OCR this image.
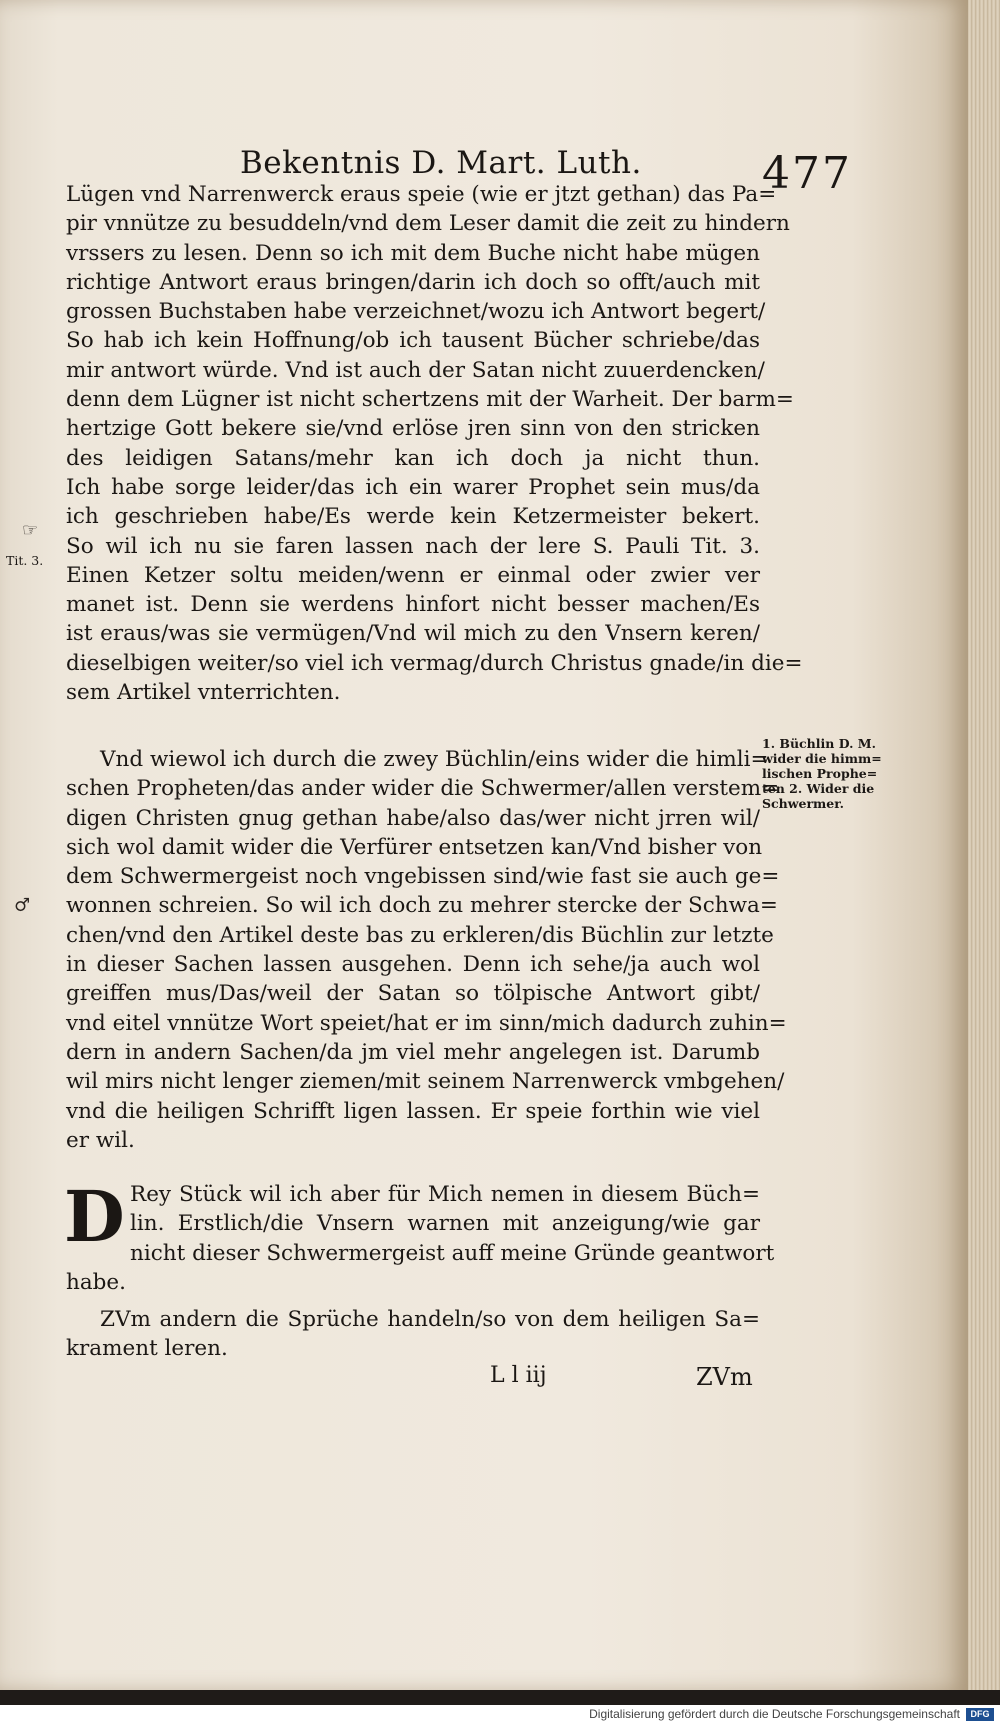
Bekentnis D. Mart. Luth.	477
Lügen vnd Narrenwerck eraus speie (wie er jtzt gethan) das Pa=
pir vnnütze zu besuddeln/vnd dem Leser damit die zeit zu hindern
vrssers zu lesen. Denn so ich mit dem Buche nicht habe mügen
richtige Antwort eraus bringen/darin ich doch so offt/auch mit
grossen Buchstaben habe verzeichnet/wozu ich Antwort begert/
So hab ich kein Hoffnung/ob ich tausent Bücher schriebe/das
mir antwort würde. Vnd ist auch der Satan nicht zuuerdencken/
denn dem Lügner ist nicht schertzens mit der Warheit. Der barm=
hertzige Gott bekere sie/vnd erlöse jren sinn von den stricken
des leidigen Satans/mehr kan ich doch ja nicht thun.
Ich habe sorge leider/das ich ein warer Prophet sein mus/da
ich geschrieben habe/Es werde kein Ketzermeister bekert.
So wil ich nu sie faren lassen nach der lere S. Pauli Tit. 3.
Einen Ketzer soltu meiden/wenn er einmal oder zwier ver
manet ist. Denn sie werdens hinfort nicht besser machen/Es
ist eraus/was sie vermügen/Vnd wil mich zu den Vnsern keren/
dieselbigen weiter/so viel ich vermag/durch Christus gnade/in die=
sem Artikel vnterrichten.
Vnd wiewol ich durch die zwey Büchlin/eins wider die himli=
schen Propheten/das ander wider die Schwermer/allen verstem=
digen Christen gnug gethan habe/also das/wer nicht jrren wil/
sich wol damit wider die Verfürer entsetzen kan/Vnd bisher von
dem Schwermergeist noch vngebissen sind/wie fast sie auch ge=
wonnen schreien. So wil ich doch zu mehrer stercke der Schwa=
chen/vnd den Artikel deste bas zu erkleren/dis Büchlin zur letzte
in dieser Sachen lassen ausgehen. Denn ich sehe/ja auch wol
greiffen mus/Das/weil der Satan so tölpische Antwort gibt/
vnd eitel vnnütze Wort speiet/hat er im sinn/mich dadurch zuhin=
dern in andern Sachen/da jm viel mehr angelegen ist. Darumb
wil mirs nicht lenger ziemen/mit seinem Narrenwerck vmbgehen/
vnd die heiligen Schrifft ligen lassen. Er speie forthin wie viel
er wil.
D Rey Stück wil ich aber für Mich nemen in diesem Büch=
lin. Erstlich/die Vnsern warnen mit anzeigung/wie gar
nicht dieser Schwermergeist auff meine Gründe geantwort
habe.
ZVm andern die Sprüche handeln/so von dem heiligen Sa=
krament leren.
L l iij	ZVm
☞
Tit. 3.
♂
1. Büchlin D. M.
wider die himm=
lischen Prophe=
ten 2. Wider die
Schwermer.
Digitalisierung gefördert durch die Deutsche Forschungsgemeinschaft	DFG
